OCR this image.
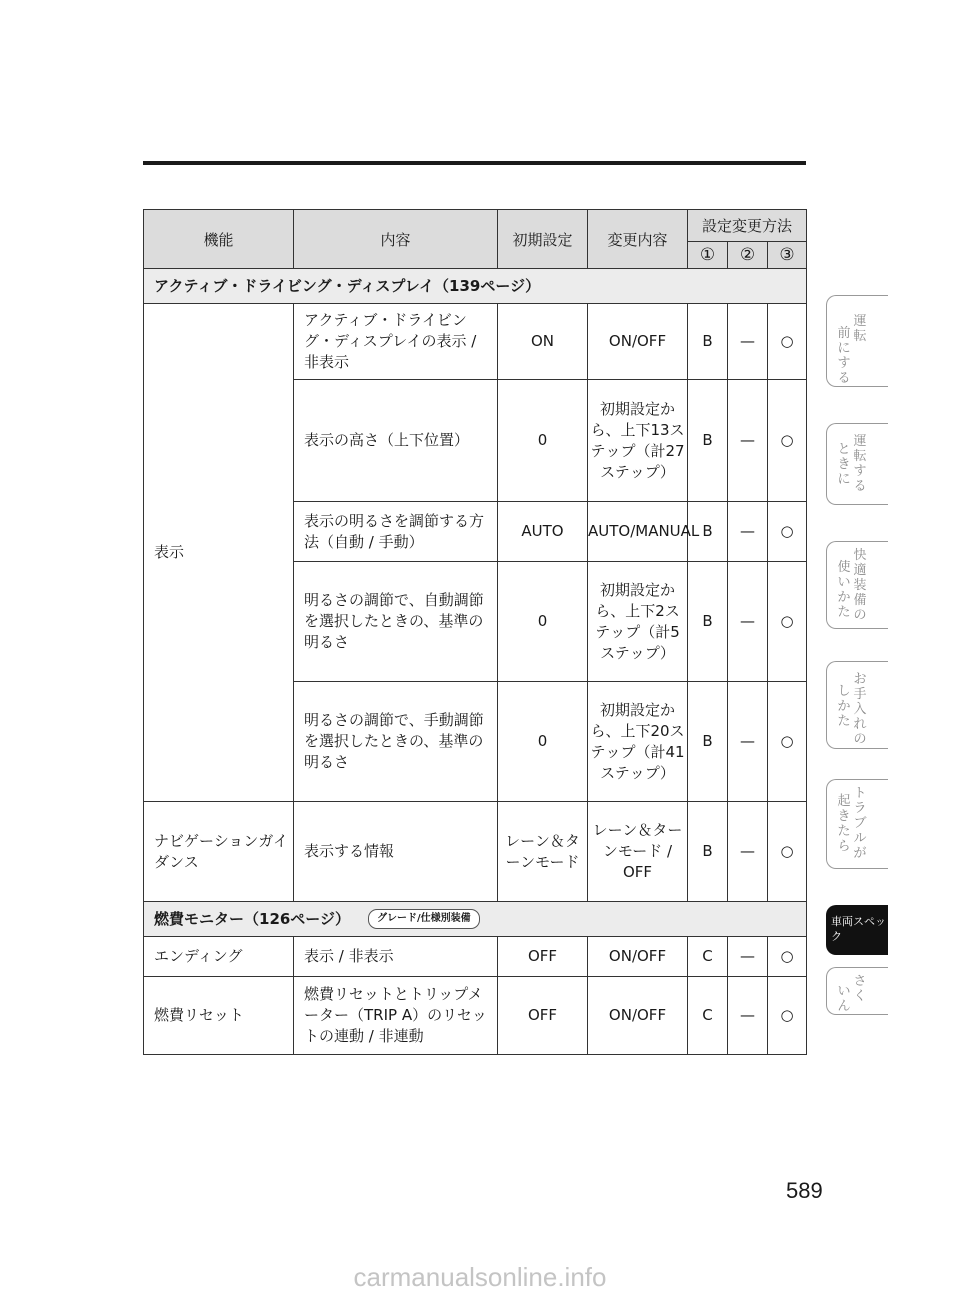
機能	内容	初期設定	変更内容	設定変更方法		
				①	②	③
アクティブ・ドライビング・ディスプレイ（139ページ）						
表示	アクティブ・ドライビング・ディスプレイの表示 / 非表示	ON	ON/OFF	B	—	○
	表示の高さ（上下位置）	0	初期設定から、上下13ステップ（計27ステップ）	B	—	○
	表示の明るさを調節する方法（自動 / 手動）	AUTO	AUTO/MANUAL	B	—	○
	明るさの調節で、自動調節を選択したときの、基準の明るさ	0	初期設定から、上下2ステップ（計5ステップ）	B	—	○
	明るさの調節で、手動調節を選択したときの、基準の明るさ	0	初期設定から、上下20ステップ（計41ステップ）	B	—	○
ナビゲーションガイダンス	表示する情報	レーン＆ターンモード	レーン＆ターンモード / OFF	B	—	○
燃費モニター（126ページ） グレード/仕様別装備						
エンディング	表示 / 非表示	OFF	ON/OFF	C	—	○
燃費リセット	燃費リセットとトリップメーター（TRIP A）のリセットの連動 / 非連動	OFF	ON/OFF	C	—	○
運転
前にする
運転する
ときに
快適装備の
使いかた
お手入れの
しかた
トラブルが
起きたら
車両スペック
さく
いん
589
carmanualsonline.info
